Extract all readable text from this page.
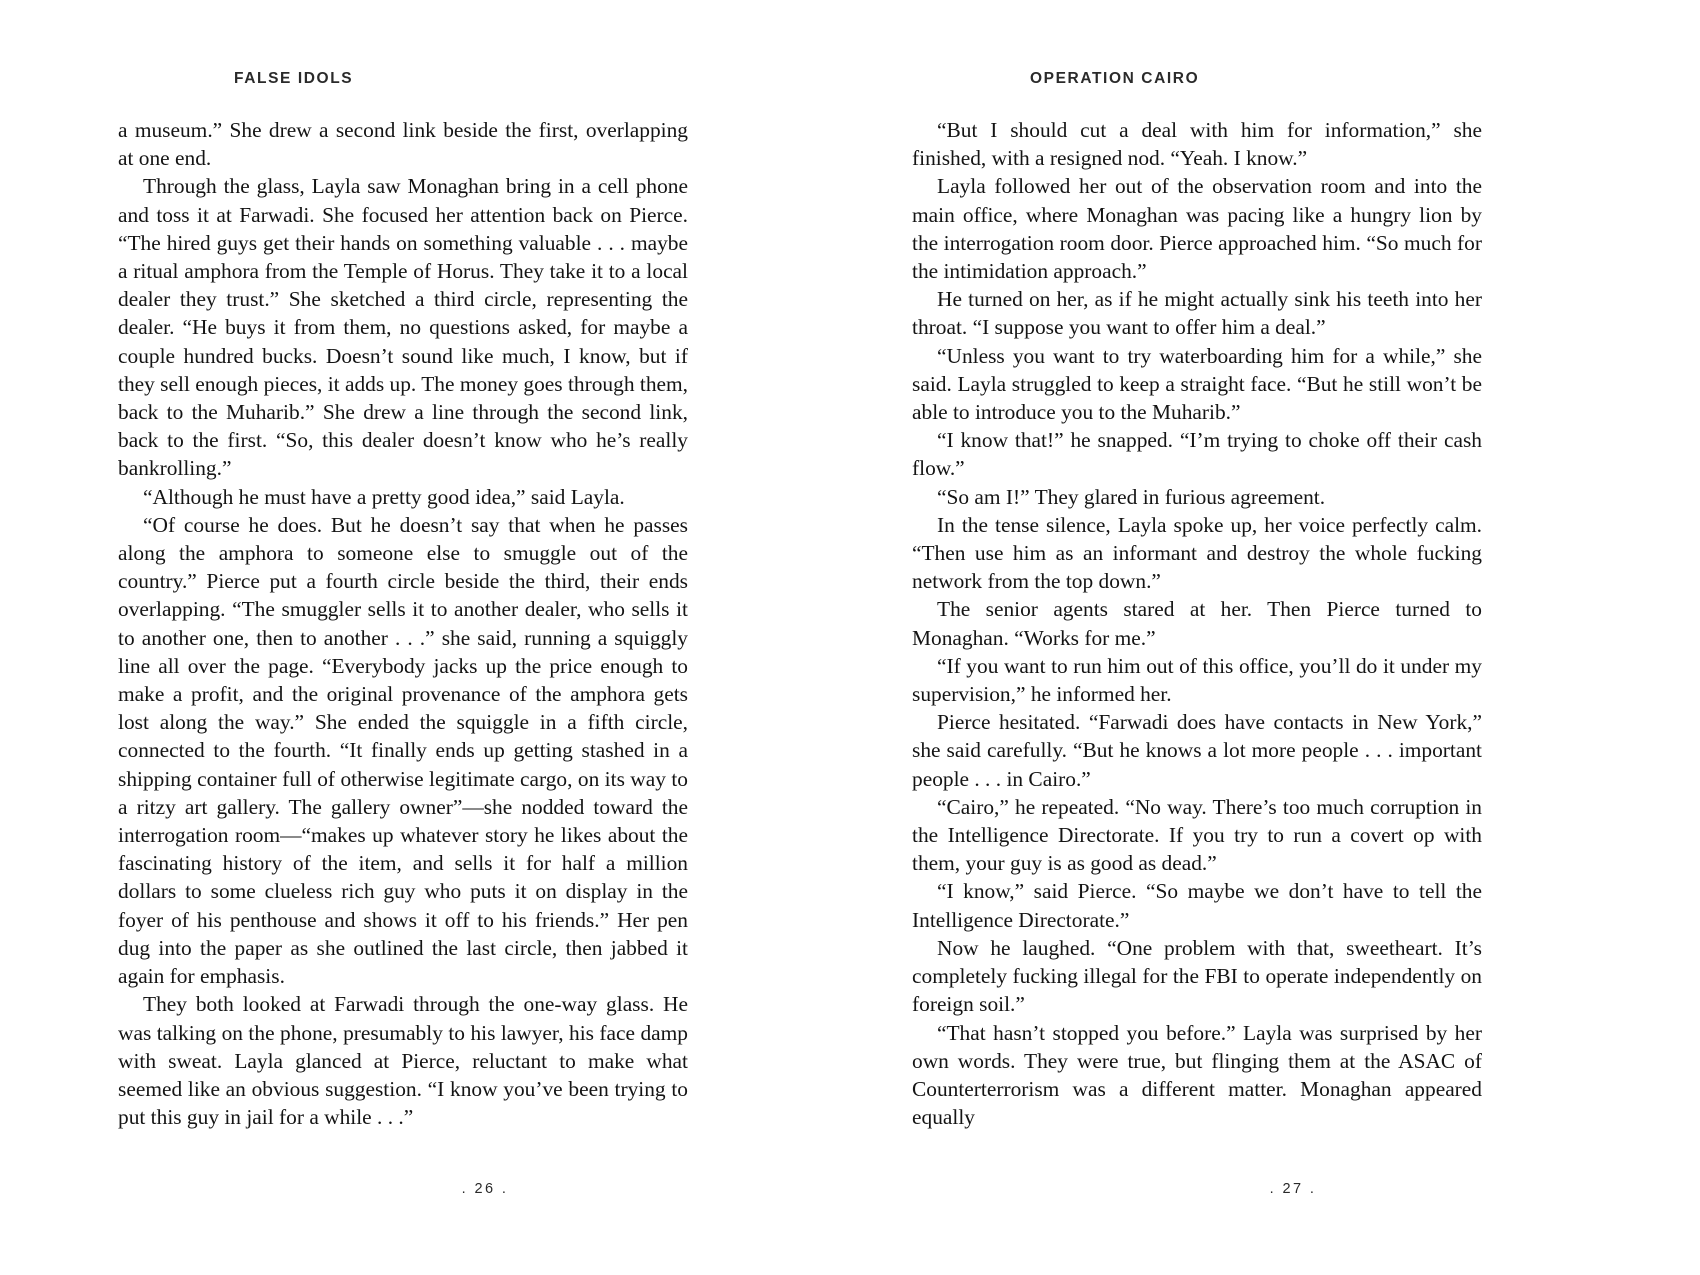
FALSE IDOLS

a museum.” She drew a second link beside the first, overlapping at one end.

Through the glass, Layla saw Monaghan bring in a cell phone and toss it at Farwadi. She focused her attention back on Pierce. “The hired guys get their hands on something valuable . . . maybe a ritual amphora from the Temple of Horus. They take it to a local dealer they trust.” She sketched a third circle, representing the dealer. “He buys it from them, no questions asked, for maybe a couple hundred bucks. Doesn’t sound like much, I know, but if they sell enough pieces, it adds up. The money goes through them, back to the Muharib.” She drew a line through the second link, back to the first. “So, this dealer doesn’t know who he’s really bankrolling.”

“Although he must have a pretty good idea,” said Layla.

“Of course he does. But he doesn’t say that when he passes along the amphora to someone else to smuggle out of the country.” Pierce put a fourth circle beside the third, their ends overlapping. “The smuggler sells it to another dealer, who sells it to another one, then to another . . .” she said, running a squiggly line all over the page. “Everybody jacks up the price enough to make a profit, and the original provenance of the amphora gets lost along the way.” She ended the squiggle in a fifth circle, connected to the fourth. “It finally ends up getting stashed in a shipping container full of otherwise legitimate cargo, on its way to a ritzy art gallery. The gallery owner”—she nodded toward the interrogation room—“makes up whatever story he likes about the fascinating history of the item, and sells it for half a million dollars to some clueless rich guy who puts it on display in the foyer of his penthouse and shows it off to his friends.” Her pen dug into the paper as she outlined the last circle, then jabbed it again for emphasis.

They both looked at Farwadi through the one-way glass. He was talking on the phone, presumably to his lawyer, his face damp with sweat. Layla glanced at Pierce, reluctant to make what seemed like an obvious suggestion. “I know you’ve been trying to put this guy in jail for a while . . .”

. 26 .
OPERATION CAIRO

“But I should cut a deal with him for information,” she finished, with a resigned nod. “Yeah. I know.”

Layla followed her out of the observation room and into the main office, where Monaghan was pacing like a hungry lion by the interrogation room door. Pierce approached him. “So much for the intimidation approach.”

He turned on her, as if he might actually sink his teeth into her throat. “I suppose you want to offer him a deal.”

“Unless you want to try waterboarding him for a while,” she said. Layla struggled to keep a straight face. “But he still won’t be able to introduce you to the Muharib.”

“I know that!” he snapped. “I’m trying to choke off their cash flow.”

“So am I!” They glared in furious agreement.

In the tense silence, Layla spoke up, her voice perfectly calm. “Then use him as an informant and destroy the whole fucking network from the top down.”

The senior agents stared at her. Then Pierce turned to Monaghan. “Works for me.”

“If you want to run him out of this office, you’ll do it under my supervision,” he informed her.

Pierce hesitated. “Farwadi does have contacts in New York,” she said carefully. “But he knows a lot more people . . . important people . . . in Cairo.”

“Cairo,” he repeated. “No way. There’s too much corruption in the Intelligence Directorate. If you try to run a covert op with them, your guy is as good as dead.”

“I know,” said Pierce. “So maybe we don’t have to tell the Intelligence Directorate.”

Now he laughed. “One problem with that, sweetheart. It’s completely fucking illegal for the FBI to operate independently on foreign soil.”

“That hasn’t stopped you before.” Layla was surprised by her own words. They were true, but flinging them at the ASAC of Counterterrorism was a different matter. Monaghan appeared equally

. 27 .
